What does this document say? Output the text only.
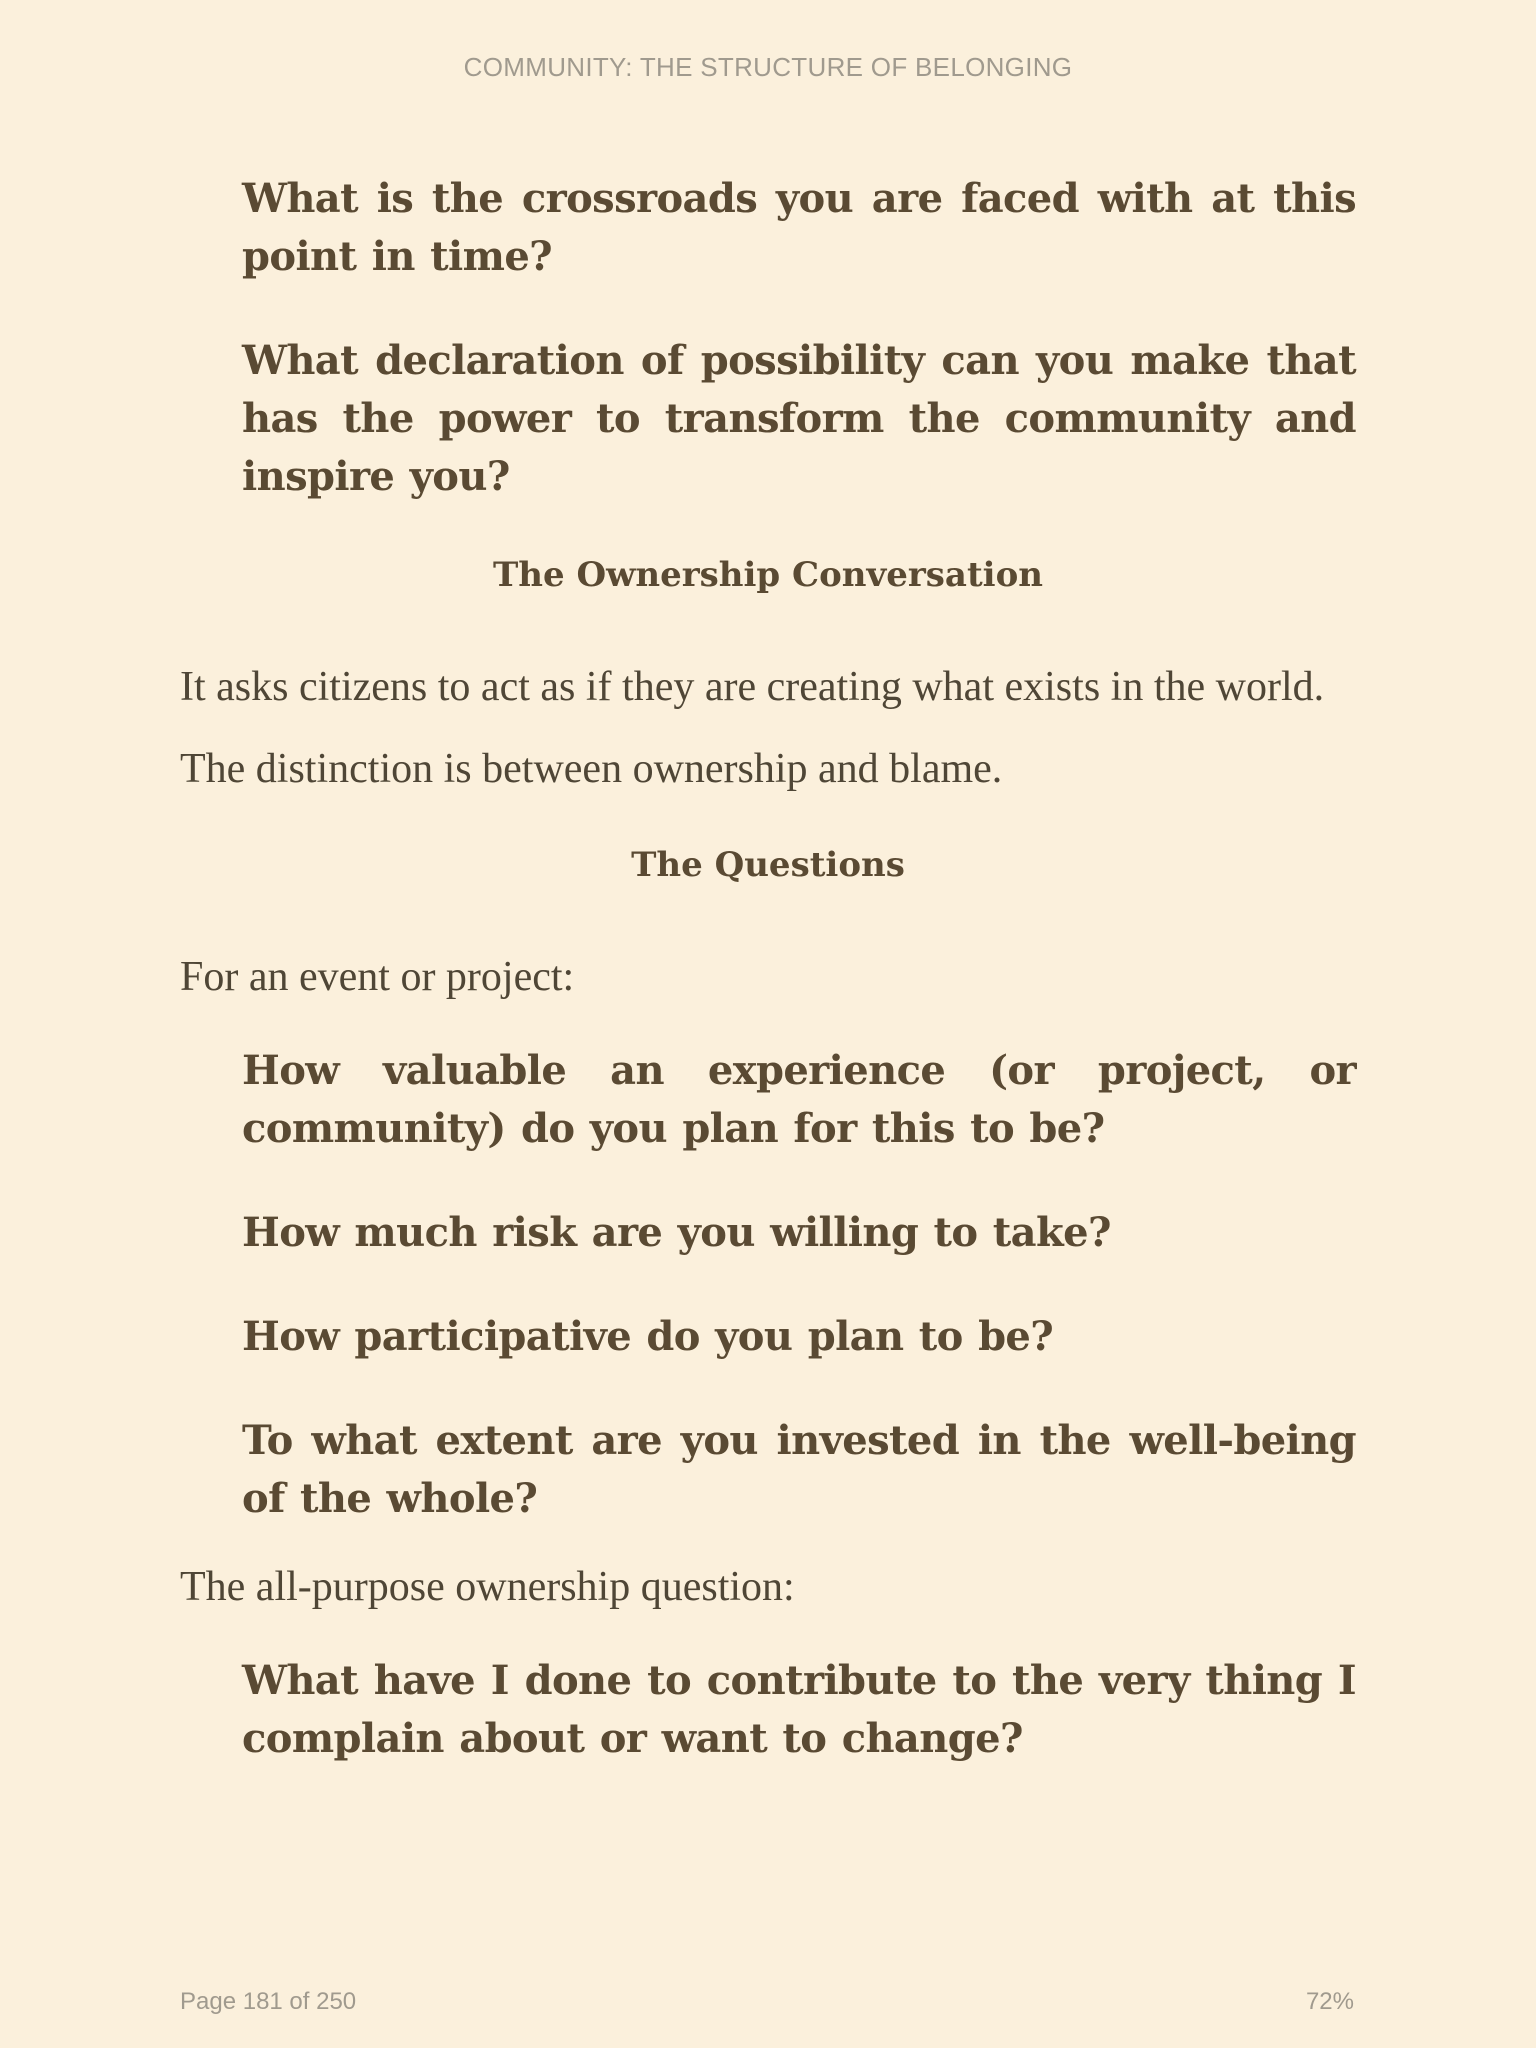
COMMUNITY: THE STRUCTURE OF BELONGING

What is the crossroads you are faced with at this point in time?

What declaration of possibility can you make that has the power to transform the community and inspire you?

The Ownership Conversation

It asks citizens to act as if they are creating what exists in the world.

The distinction is between ownership and blame.

The Questions

For an event or project:

How valuable an experience (or project, or community) do you plan for this to be?

How much risk are you willing to take?

How participative do you plan to be?

To what extent are you invested in the well-being of the whole?

The all-purpose ownership question:

What have I done to contribute to the very thing I complain about or want to change?

Page 181 of 250	72%
